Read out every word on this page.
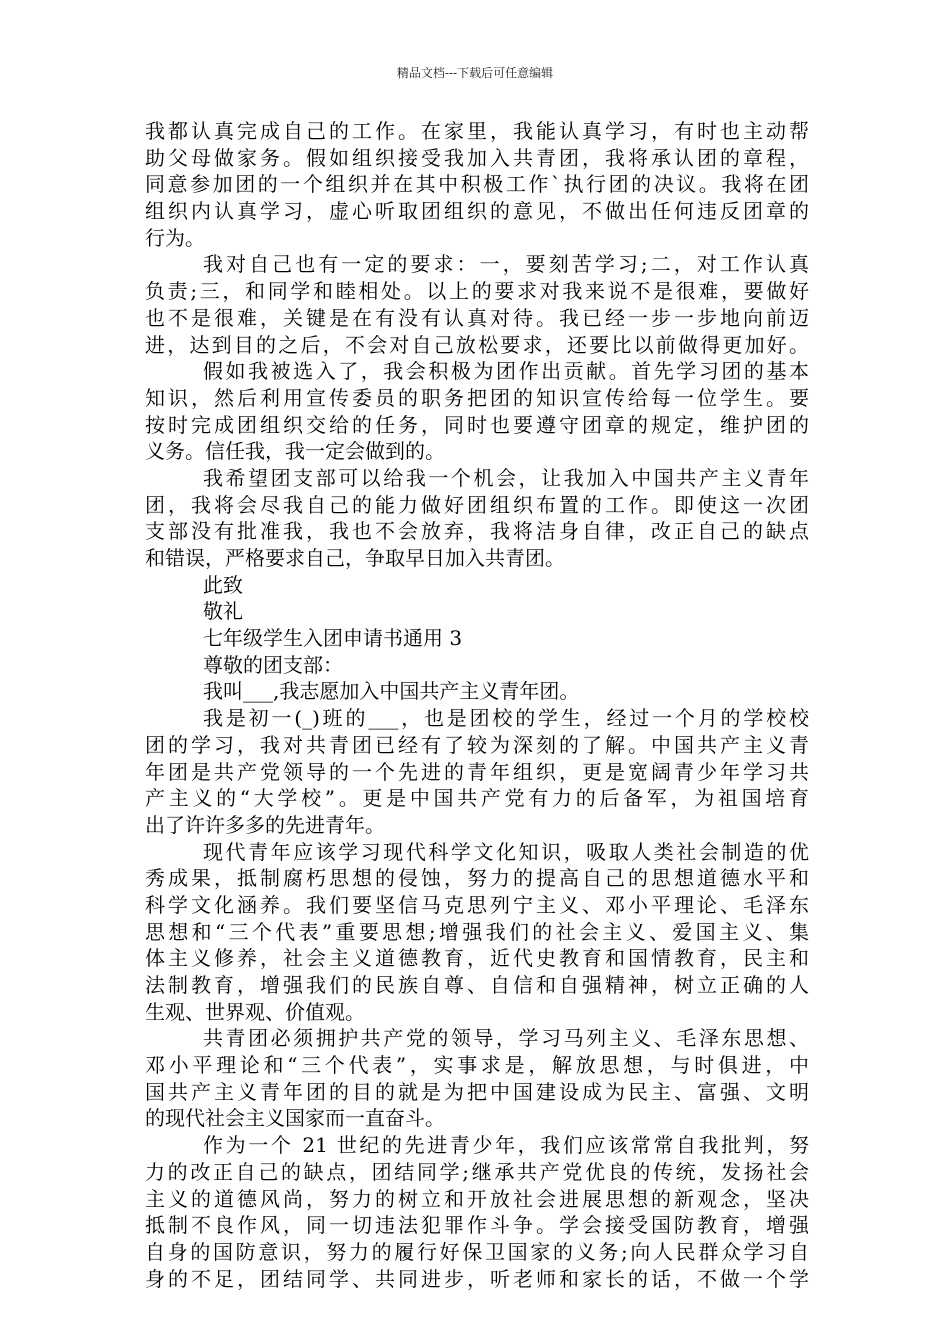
精品文档---下载后可任意编辑
我都认真完成自己的工作。在家里，我能认真学习，有时也主动帮
助父母做家务。假如组织接受我加入共青团，我将承认团的章程，
同意参加团的一个组织并在其中积极工作`执行团的决议。我将在团
组织内认真学习，虚心听取团组织的意见，不做出任何违反团章的
行为。
我对自己也有一定的要求：一，要刻苦学习;二，对工作认真
负责;三，和同学和睦相处。以上的要求对我来说不是很难，要做好
也不是很难，关键是在有没有认真对待。我已经一步一步地向前迈
进，达到目的之后，不会对自己放松要求，还要比以前做得更加好。
假如我被选入了，我会积极为团作出贡献。首先学习团的基本
知识，然后利用宣传委员的职务把团的知识宣传给每一位学生。要
按时完成团组织交给的任务，同时也要遵守团章的规定，维护团的
义务。信任我，我一定会做到的。
我希望团支部可以给我一个机会，让我加入中国共产主义青年
团，我将会尽我自己的能力做好团组织布置的工作。即使这一次团
支部没有批准我，我也不会放弃，我将洁身自律，改正自己的缺点
和错误，严格要求自己，争取早日加入共青团。
此致
敬礼
七年级学生入团申请书通用 3
尊敬的团支部：
我叫___,我志愿加入中国共产主义青年团。
我是初一(_)班的___，也是团校的学生，经过一个月的学校校
团的学习，我对共青团已经有了较为深刻的了解。中国共产主义青
年团是共产党领导的一个先进的青年组织，更是宽阔青少年学习共
产主义的“大学校”。更是中国共产党有力的后备军，为祖国培育
出了许许多多的先进青年。
现代青年应该学习现代科学文化知识，吸取人类社会制造的优
秀成果，抵制腐朽思想的侵蚀，努力的提高自己的思想道德水平和
科学文化涵养。我们要坚信马克思列宁主义、邓小平理论、毛泽东
思想和“三个代表”重要思想;增强我们的社会主义、爱国主义、集
体主义修养，社会主义道德教育，近代史教育和国情教育，民主和
法制教育，增强我们的民族自尊、自信和自强精神，树立正确的人
生观、世界观、价值观。
共青团必须拥护共产党的领导，学习马列主义、毛泽东思想、
邓小平理论和“三个代表”，实事求是，解放思想，与时俱进，中
国共产主义青年团的目的就是为把中国建设成为民主、富强、文明
的现代社会主义国家而一直奋斗。
作为一个 21 世纪的先进青少年，我们应该常常自我批判，努
力的改正自己的缺点，团结同学;继承共产党优良的传统，发扬社会
主义的道德风尚，努力的树立和开放社会进展思想的新观念，坚决
抵制不良作风，同一切违法犯罪作斗争。学会接受国防教育，增强
自身的国防意识，努力的履行好保卫国家的义务;向人民群众学习自
身的不足，团结同学、共同进步，听老师和家长的话，不做一个学
